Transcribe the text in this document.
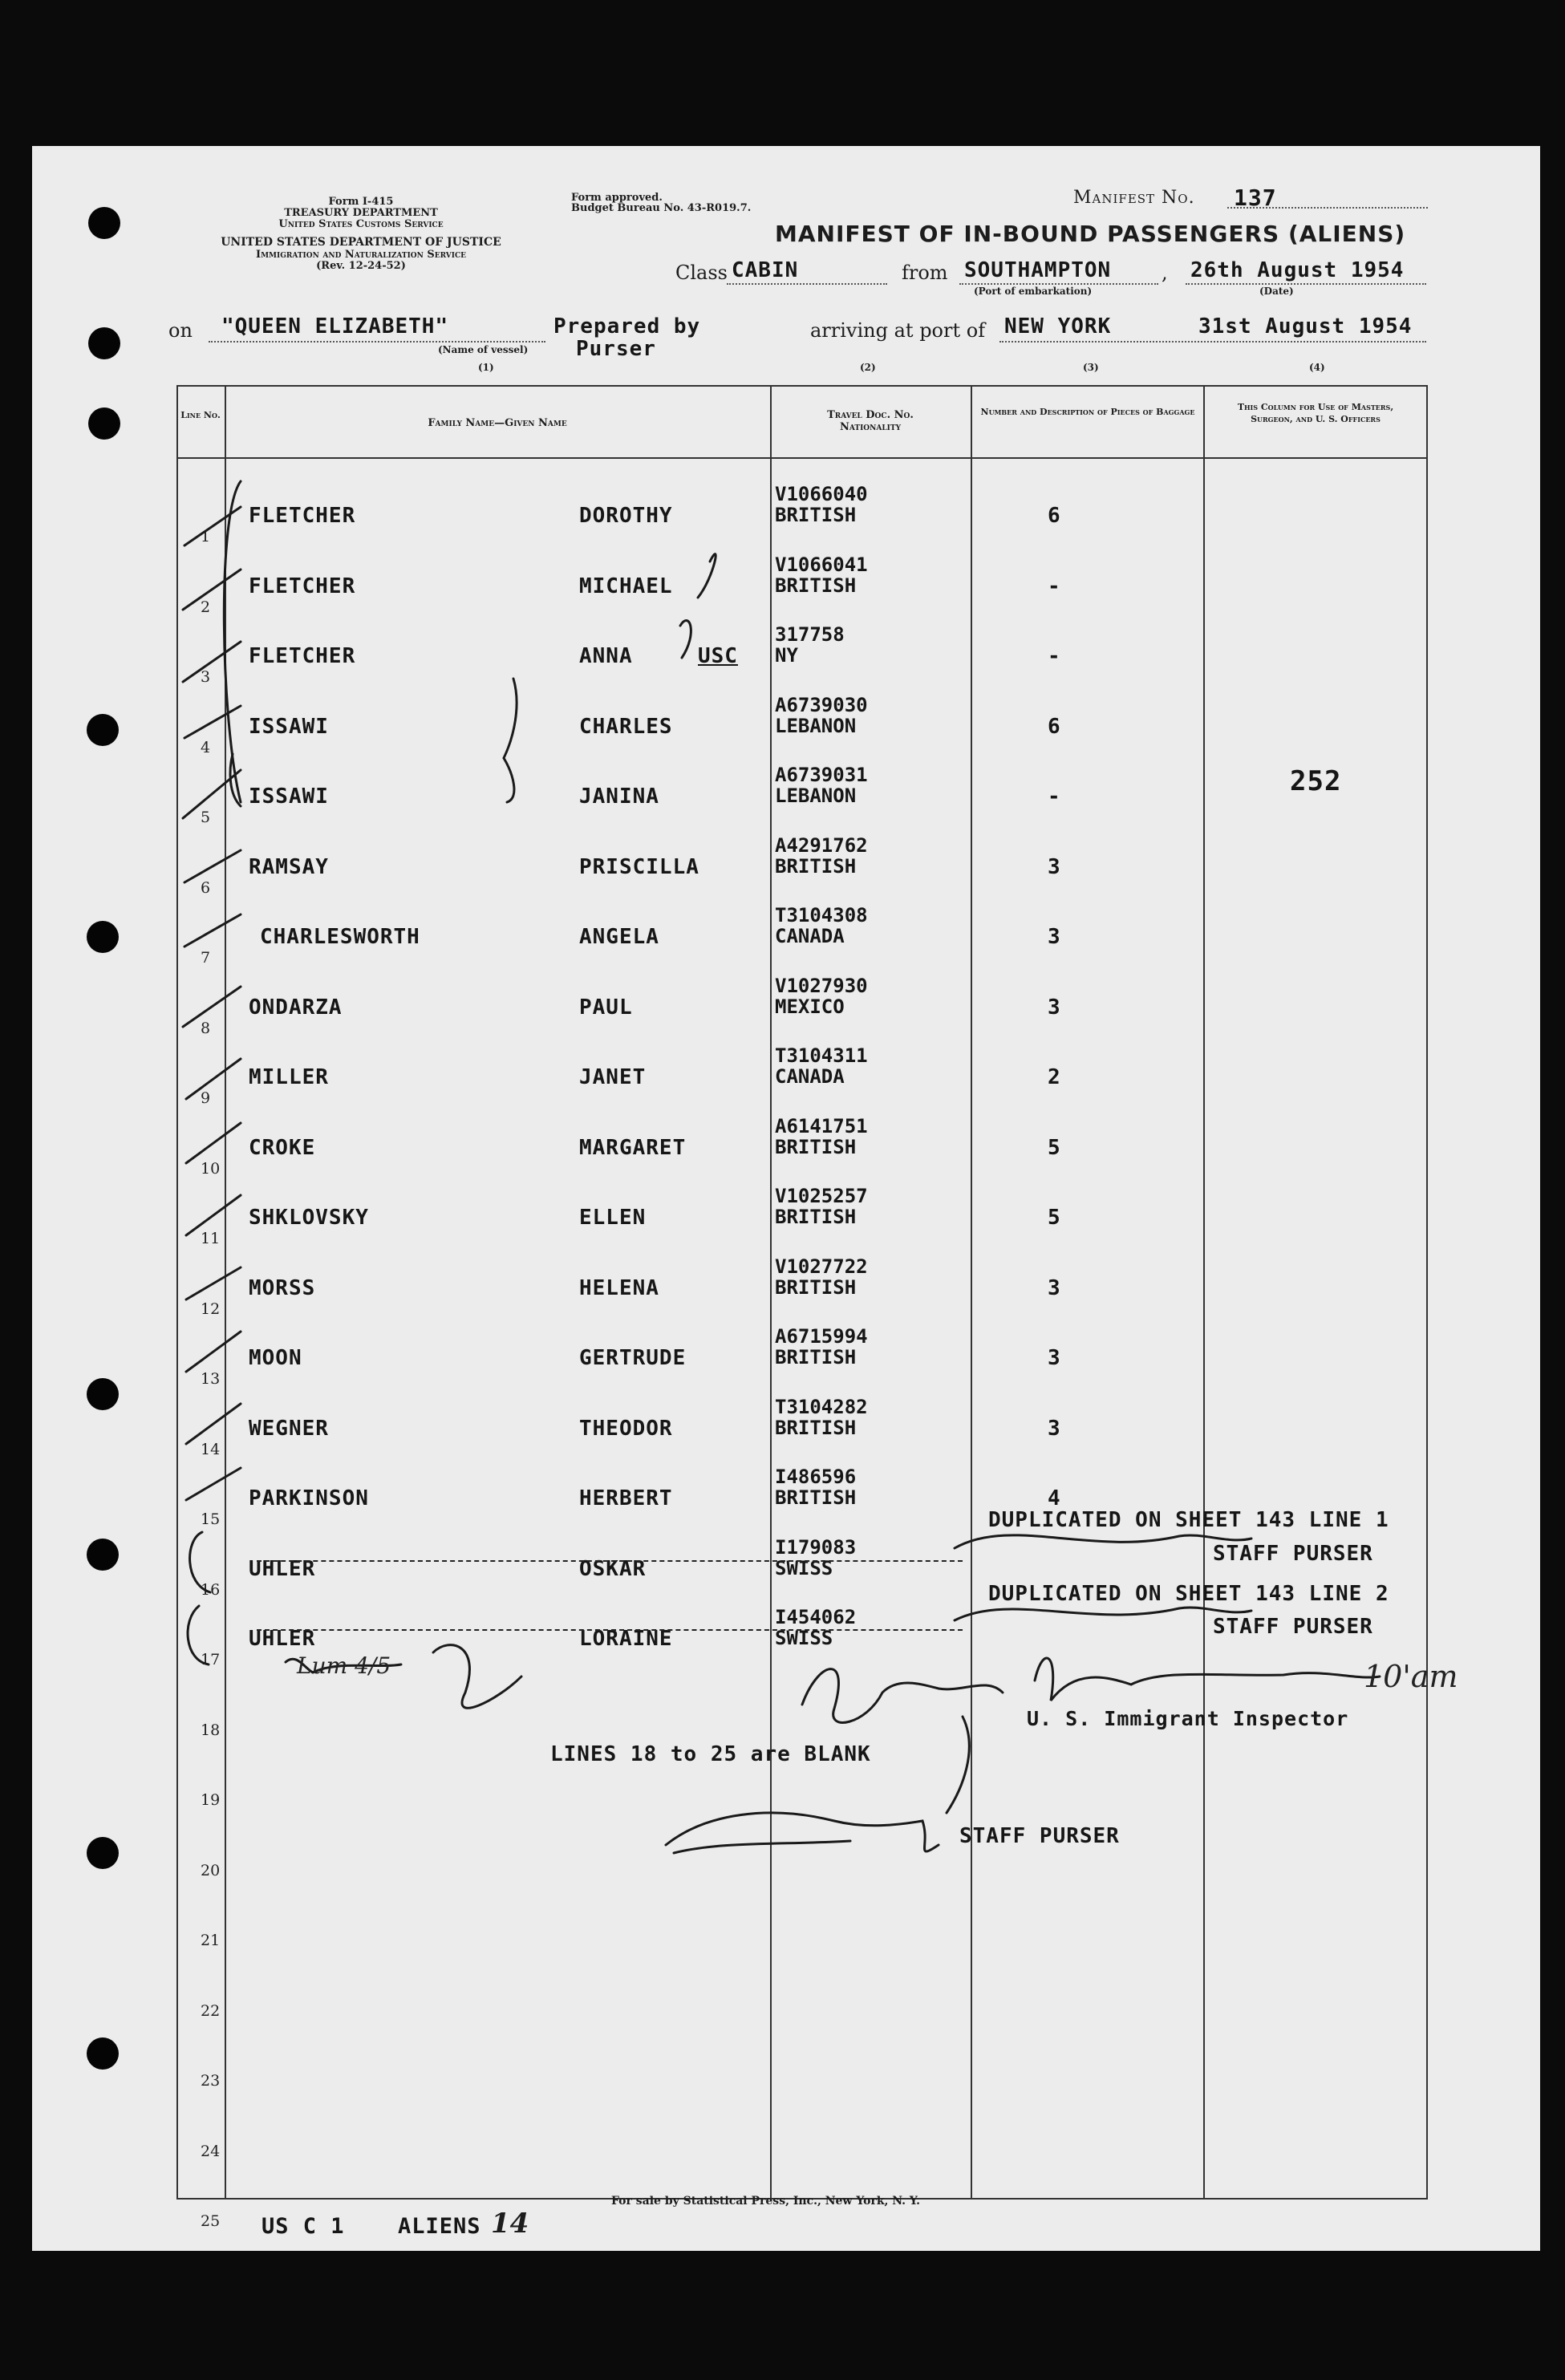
Form I-415
TREASURY DEPARTMENT
United States Customs Service
UNITED STATES DEPARTMENT OF JUSTICE
Immigration and Naturalization Service
(Rev. 12-24-52)
Form approved.
Budget Bureau No. 43-R019.7.
Manifest No. 137
MANIFEST OF IN-BOUND PASSENGERS (ALIENS)
Class CABIN	from SOUTHAMPTON
(Port of embarkation)
, 26th August 1954
(Date)
on "QUEEN ELIZABETH"
(Name of vessel)
(1)
Prepared by
Purser
arriving at port of NEW YORK	31st August 1954
(2)	(3)	(4)
Line No.
Family Name—Given Name
Travel Doc. No. Nationality
Number and Description of Pieces of Baggage	This Column for Use of Masters, Surgeon, and U. S. Officers
1
FLETCHER	DOROTHY
V1066040
BRITISH	6
2
FLETCHER	MICHAEL
V1066041
BRITISH	-
3
FLETCHER	ANNA	USC
317758
NY	-
4
ISSAWI	CHARLES
A6739030
LEBANON	6
5
ISSAWI	JANINA
A6739031
LEBANON	-	252
6
RAMSAY	PRISCILLA
A4291762
BRITISH	3
7
CHARLESWORTH	ANGELA
T3104308
CANADA	3
8
ONDARZA	PAUL
V1027930
MEXICO	3
9
MILLER	JANET
T3104311
CANADA	2
10
CROKE	MARGARET
A6141751
BRITISH	5
11
SHKLOVSKY	ELLEN
V1025257
BRITISH	5
12
MORSS	HELENA
V1027722
BRITISH	3
13
MOON	GERTRUDE
A6715994
BRITISH	3
14
WEGNER	THEODOR
T3104282
BRITISH	3
15
PARKINSON	HERBERT
I486596
BRITISH	4
16
UHLER	OSKAR
I179083
SWISS
17
UHLER	LORAINE
I454062
SWISS
18
19
20
21
22
23
24
25
DUPLICATED ON SHEET 143 LINE 1
STAFF PURSER
DUPLICATED ON SHEET 143 LINE 2
STAFF PURSER
U. S. Immigrant Inspector
LINES 18 to 25 are BLANK
STAFF PURSER
For sale by Statistical Press, Inc., New York, N. Y.
US C 1 ALIENS 14
Lum 4/5	10'am
